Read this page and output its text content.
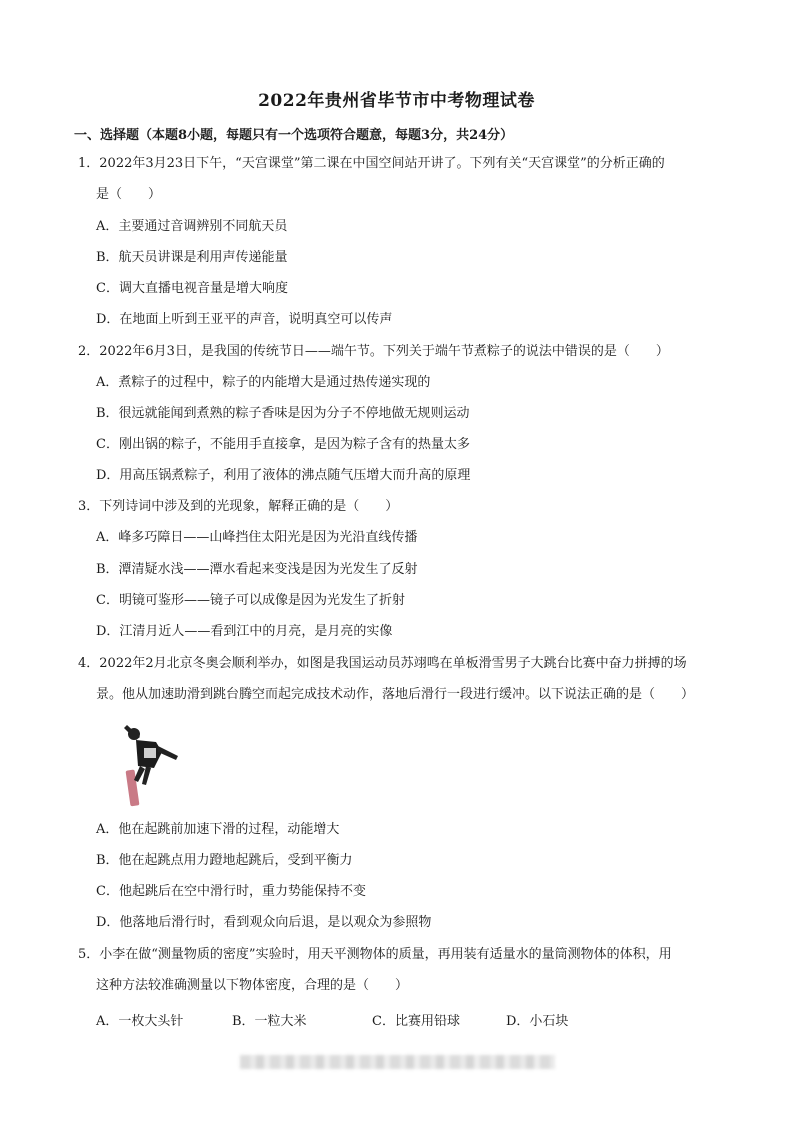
2022年贵州省毕节市中考物理试卷
一、选择题（本题8小题，每题只有一个选项符合题意，每题3分，共24分）
1．2022年3月23日下午，“天宫课堂”第二课在中国空间站开讲了。下列有关“天宫课堂”的分析正确的
是（　　）
A．主要通过音调辨别不同航天员
B．航天员讲课是利用声传递能量
C．调大直播电视音量是增大响度
D．在地面上听到王亚平的声音，说明真空可以传声
2．2022年6月3日，是我国的传统节日——端午节。下列关于端午节煮粽子的说法中错误的是（　　）
A．煮粽子的过程中，粽子的内能增大是通过热传递实现的
B．很远就能闻到煮熟的粽子香味是因为分子不停地做无规则运动
C．刚出锅的粽子，不能用手直接拿，是因为粽子含有的热量太多
D．用高压锅煮粽子，利用了液体的沸点随气压增大而升高的原理
3．下列诗词中涉及到的光现象，解释正确的是（　　）
A．峰多巧障日——山峰挡住太阳光是因为光沿直线传播
B．潭清疑水浅——潭水看起来变浅是因为光发生了反射
C．明镜可鉴形——镜子可以成像是因为光发生了折射
D．江清月近人——看到江中的月亮，是月亮的实像
4．2022年2月北京冬奥会顺利举办，如图是我国运动员苏翊鸣在单板滑雪男子大跳台比赛中奋力拼搏的场
景。他从加速助滑到跳台腾空而起完成技术动作，落地后滑行一段进行缓冲。以下说法正确的是（　　）
A．他在起跳前加速下滑的过程，动能增大
B．他在起跳点用力蹬地起跳后，受到平衡力
C．他起跳后在空中滑行时，重力势能保持不变
D．他落地后滑行时，看到观众向后退，是以观众为参照物
5．小李在做“测量物质的密度”实验时，用天平测物体的质量，再用装有适量水的量筒测物体的体积，用
这种方法较准确测量以下物体密度，合理的是（　　）
A．一枚大头针	B．一粒大米	C．比赛用铅球	D．小石块
